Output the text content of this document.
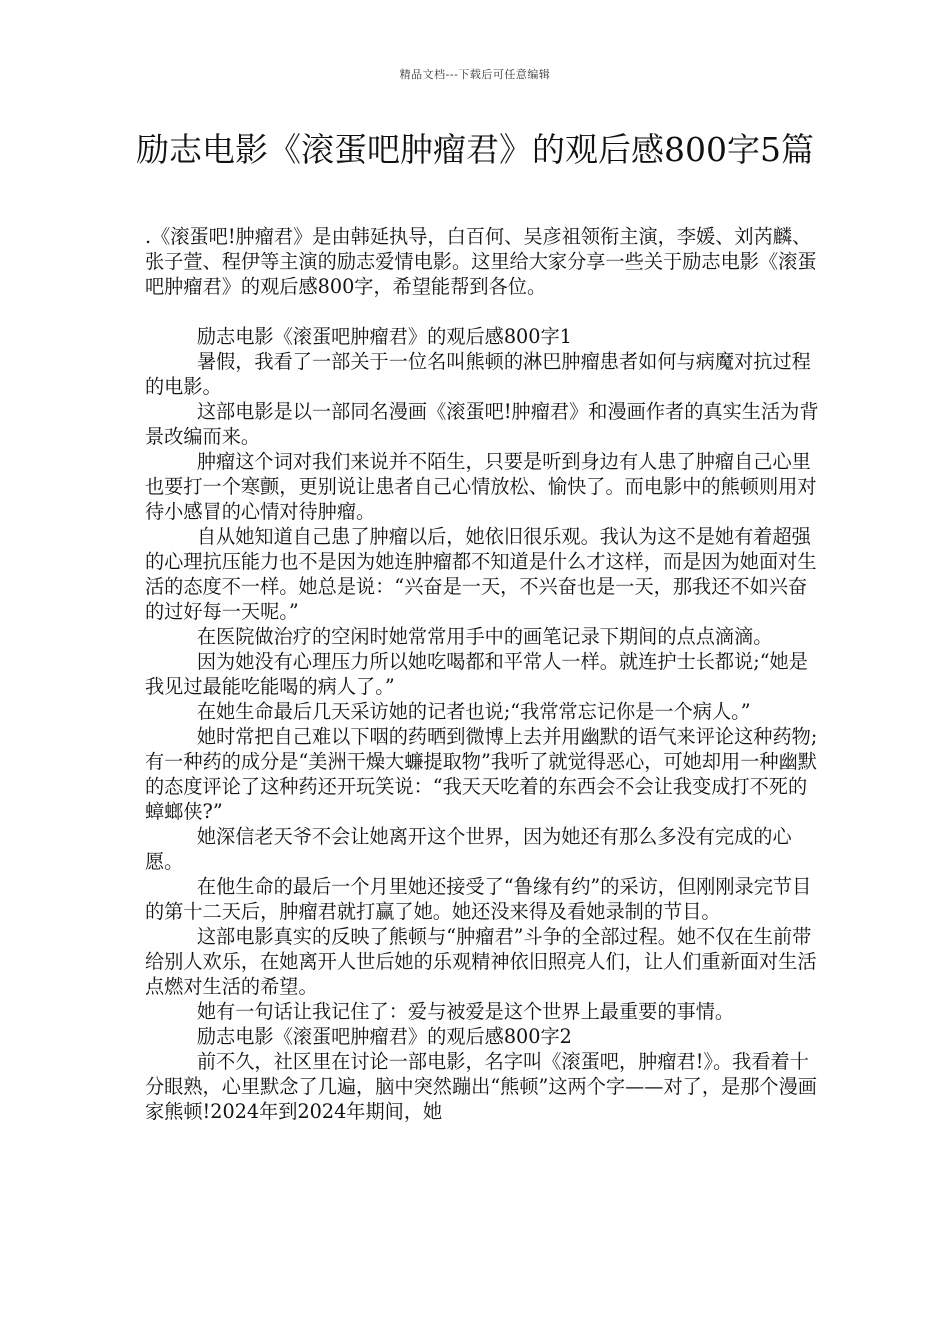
精品文档---下载后可任意编辑
励志电影《滚蛋吧肿瘤君》的观后感800字5篇

.《滚蛋吧!肿瘤君》是由韩延执导，白百何、吴彦祖领衔主演，李媛、刘芮麟、张子萱、程伊等主演的励志爱情电影。这里给大家分享一些关于励志电影《滚蛋吧肿瘤君》的观后感800字，希望能帮到各位。

励志电影《滚蛋吧肿瘤君》的观后感800字1

暑假，我看了一部关于一位名叫熊顿的淋巴肿瘤患者如何与病魔对抗过程的电影。

这部电影是以一部同名漫画《滚蛋吧!肿瘤君》和漫画作者的真实生活为背景改编而来。

肿瘤这个词对我们来说并不陌生，只要是听到身边有人患了肿瘤自己心里也要打一个寒颤，更别说让患者自己心情放松、愉快了。而电影中的熊顿则用对待小感冒的心情对待肿瘤。

自从她知道自己患了肿瘤以后，她依旧很乐观。我认为这不是她有着超强的心理抗压能力也不是因为她连肿瘤都不知道是什么才这样，而是因为她面对生活的态度不一样。她总是说：“兴奋是一天，不兴奋也是一天，那我还不如兴奋的过好每一天呢。”

在医院做治疗的空闲时她常常用手中的画笔记录下期间的点点滴滴。

因为她没有心理压力所以她吃喝都和平常人一样。就连护士长都说;“她是我见过最能吃能喝的病人了。”

在她生命最后几天采访她的记者也说;“我常常忘记你是一个病人。”

她时常把自己难以下咽的药晒到微博上去并用幽默的语气来评论这种药物;有一种药的成分是“美洲干燥大蠊提取物”我听了就觉得恶心，可她却用一种幽默的态度评论了这种药还开玩笑说：“我天天吃着的东西会不会让我变成打不死的蟑螂侠?”

她深信老天爷不会让她离开这个世界，因为她还有那么多没有完成的心愿。

在他生命的最后一个月里她还接受了“鲁缘有约”的采访，但刚刚录完节目的第十二天后，肿瘤君就打赢了她。她还没来得及看她录制的节目。

这部电影真实的反映了熊顿与“肿瘤君”斗争的全部过程。她不仅在生前带给别人欢乐，在她离开人世后她的乐观精神依旧照亮人们，让人们重新面对生活点燃对生活的希望。

她有一句话让我记住了：爱与被爱是这个世界上最重要的事情。

励志电影《滚蛋吧肿瘤君》的观后感800字2

前不久，社区里在讨论一部电影，名字叫《滚蛋吧，肿瘤君!》。我看着十分眼熟，心里默念了几遍，脑中突然蹦出“熊顿”这两个字——对了，是那个漫画家熊顿!2024年到2024年期间，她
